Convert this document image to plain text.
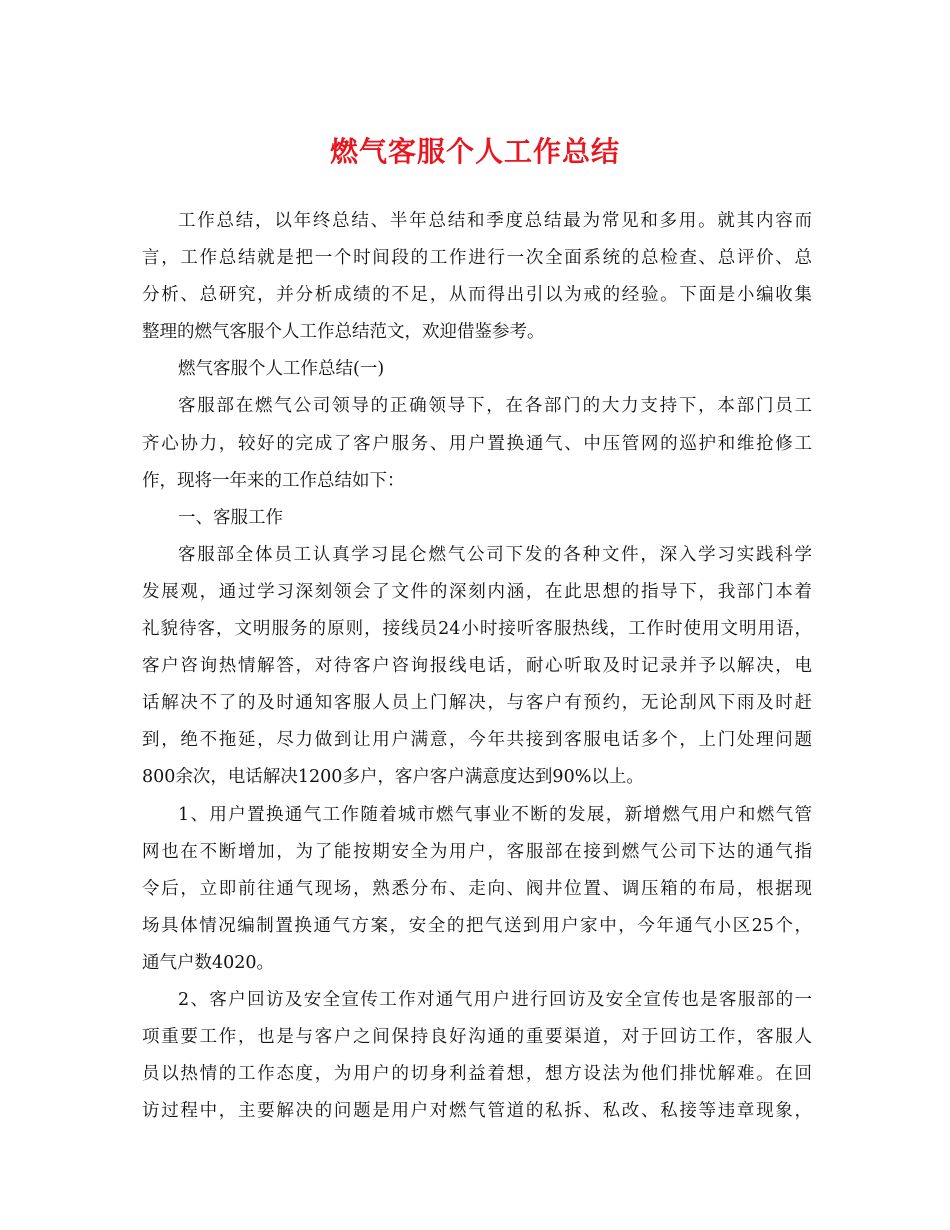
燃气客服个人工作总结
工作总结，以年终总结、半年总结和季度总结最为常见和多用。就其内容而
言，工作总结就是把一个时间段的工作进行一次全面系统的总检查、总评价、总
分析、总研究，并分析成绩的不足，从而得出引以为戒的经验。下面是小编收集
整理的燃气客服个人工作总结范文，欢迎借鉴参考。
燃气客服个人工作总结(一)
客服部在燃气公司领导的正确领导下，在各部门的大力支持下，本部门员工
齐心协力，较好的完成了客户服务、用户置换通气、中压管网的巡护和维抢修工
作，现将一年来的工作总结如下：
一、客服工作
客服部全体员工认真学习昆仑燃气公司下发的各种文件，深入学习实践科学
发展观，通过学习深刻领会了文件的深刻内涵，在此思想的指导下，我部门本着
礼貌待客，文明服务的原则，接线员24小时接听客服热线，工作时使用文明用语，
客户咨询热情解答，对待客户咨询报线电话，耐心听取及时记录并予以解决，电
话解决不了的及时通知客服人员上门解决，与客户有预约，无论刮风下雨及时赶
到，绝不拖延，尽力做到让用户满意，今年共接到客服电话多个，上门处理问题
800余次，电话解决1200多户，客户客户满意度达到90%以上。
1、用户置换通气工作随着城市燃气事业不断的发展，新增燃气用户和燃气管
网也在不断增加，为了能按期安全为用户，客服部在接到燃气公司下达的通气指
令后，立即前往通气现场，熟悉分布、走向、阀井位置、调压箱的布局，根据现
场具体情况编制置换通气方案，安全的把气送到用户家中，今年通气小区25个，
通气户数4020。
2、客户回访及安全宣传工作对通气用户进行回访及安全宣传也是客服部的一
项重要工作，也是与客户之间保持良好沟通的重要渠道，对于回访工作，客服人
员以热情的工作态度，为用户的切身利益着想，想方设法为他们排忧解难。在回
访过程中，主要解决的问题是用户对燃气管道的私拆、私改、私接等违章现象，
